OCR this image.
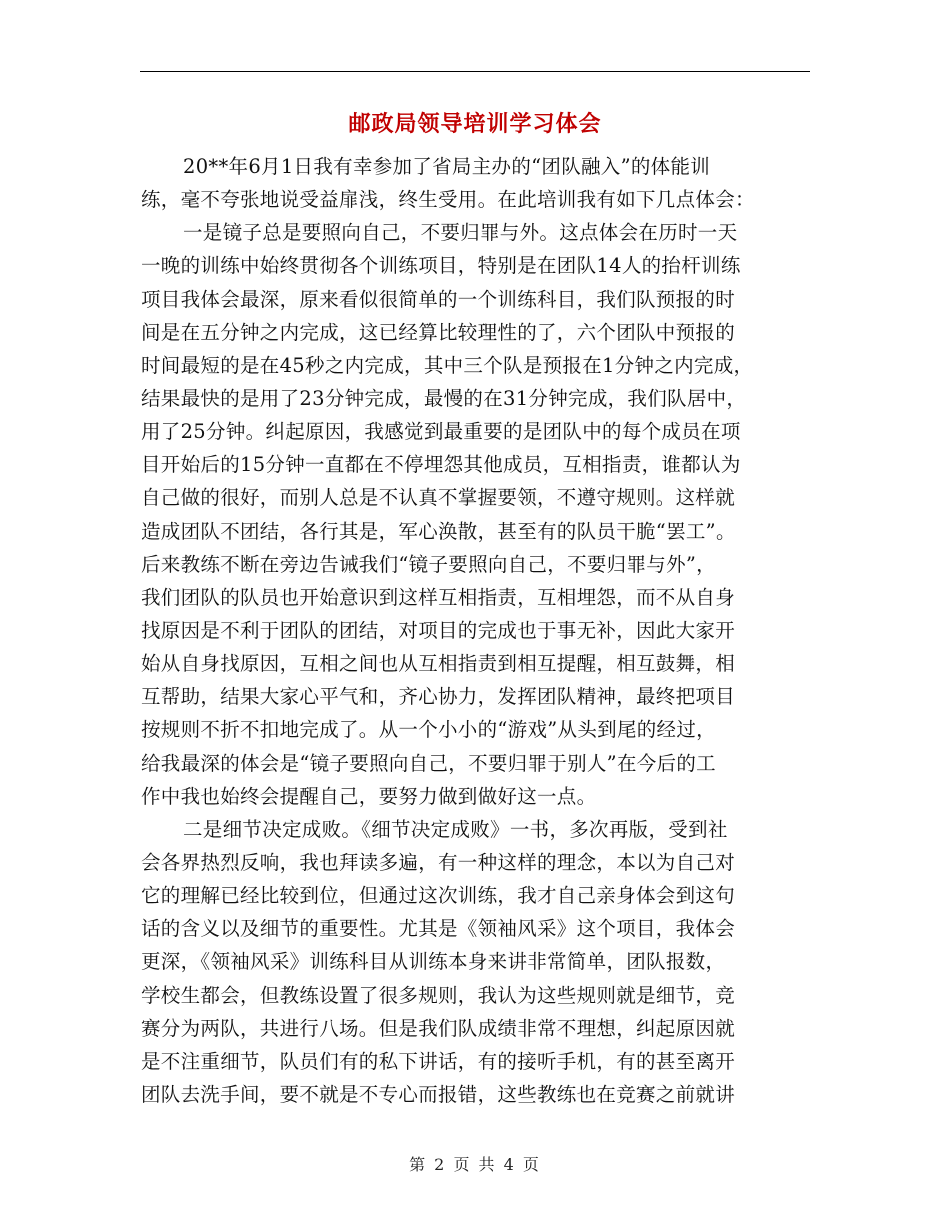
邮政局领导培训学习体会
20**年6月1日我有幸参加了省局主办的“团队融入”的体能训
练，毫不夸张地说受益扉浅，终生受用。在此培训我有如下几点体会：
一是镜子总是要照向自己，不要归罪与外。这点体会在历时一天
一晚的训练中始终贯彻各个训练项目，特别是在团队14人的抬杆训练
项目我体会最深，原来看似很简单的一个训练科目，我们队预报的时
间是在五分钟之内完成，这已经算比较理性的了，六个团队中预报的
时间最短的是在45秒之内完成，其中三个队是预报在1分钟之内完成，
结果最快的是用了23分钟完成，最慢的在31分钟完成，我们队居中，
用了25分钟。纠起原因，我感觉到最重要的是团队中的每个成员在项
目开始后的15分钟一直都在不停埋怨其他成员，互相指责，谁都认为
自己做的很好，而别人总是不认真不掌握要领，不遵守规则。这样就
造成团队不团结，各行其是，军心涣散，甚至有的队员干脆“罢工”。
后来教练不断在旁边告诫我们“镜子要照向自己，不要归罪与外”，
我们团队的队员也开始意识到这样互相指责，互相埋怨，而不从自身
找原因是不利于团队的团结，对项目的完成也于事无补，因此大家开
始从自身找原因，互相之间也从互相指责到相互提醒，相互鼓舞，相
互帮助，结果大家心平气和，齐心协力，发挥团队精神，最终把项目
按规则不折不扣地完成了。从一个小小的“游戏”从头到尾的经过，
给我最深的体会是“镜子要照向自己，不要归罪于别人”在今后的工
作中我也始终会提醒自己，要努力做到做好这一点。
二是细节决定成败。《细节决定成败》一书，多次再版，受到社
会各界热烈反响，我也拜读多遍，有一种这样的理念，本以为自己对
它的理解已经比较到位，但通过这次训练，我才自己亲身体会到这句
话的含义以及细节的重要性。尤其是《领袖风采》这个项目，我体会
更深，《领袖风采》训练科目从训练本身来讲非常简单，团队报数，
学校生都会，但教练设置了很多规则，我认为这些规则就是细节，竞
赛分为两队，共进行八场。但是我们队成绩非常不理想，纠起原因就
是不注重细节，队员们有的私下讲话，有的接听手机，有的甚至离开
团队去洗手间，要不就是不专心而报错，这些教练也在竞赛之前就讲
第 2 页 共 4 页
